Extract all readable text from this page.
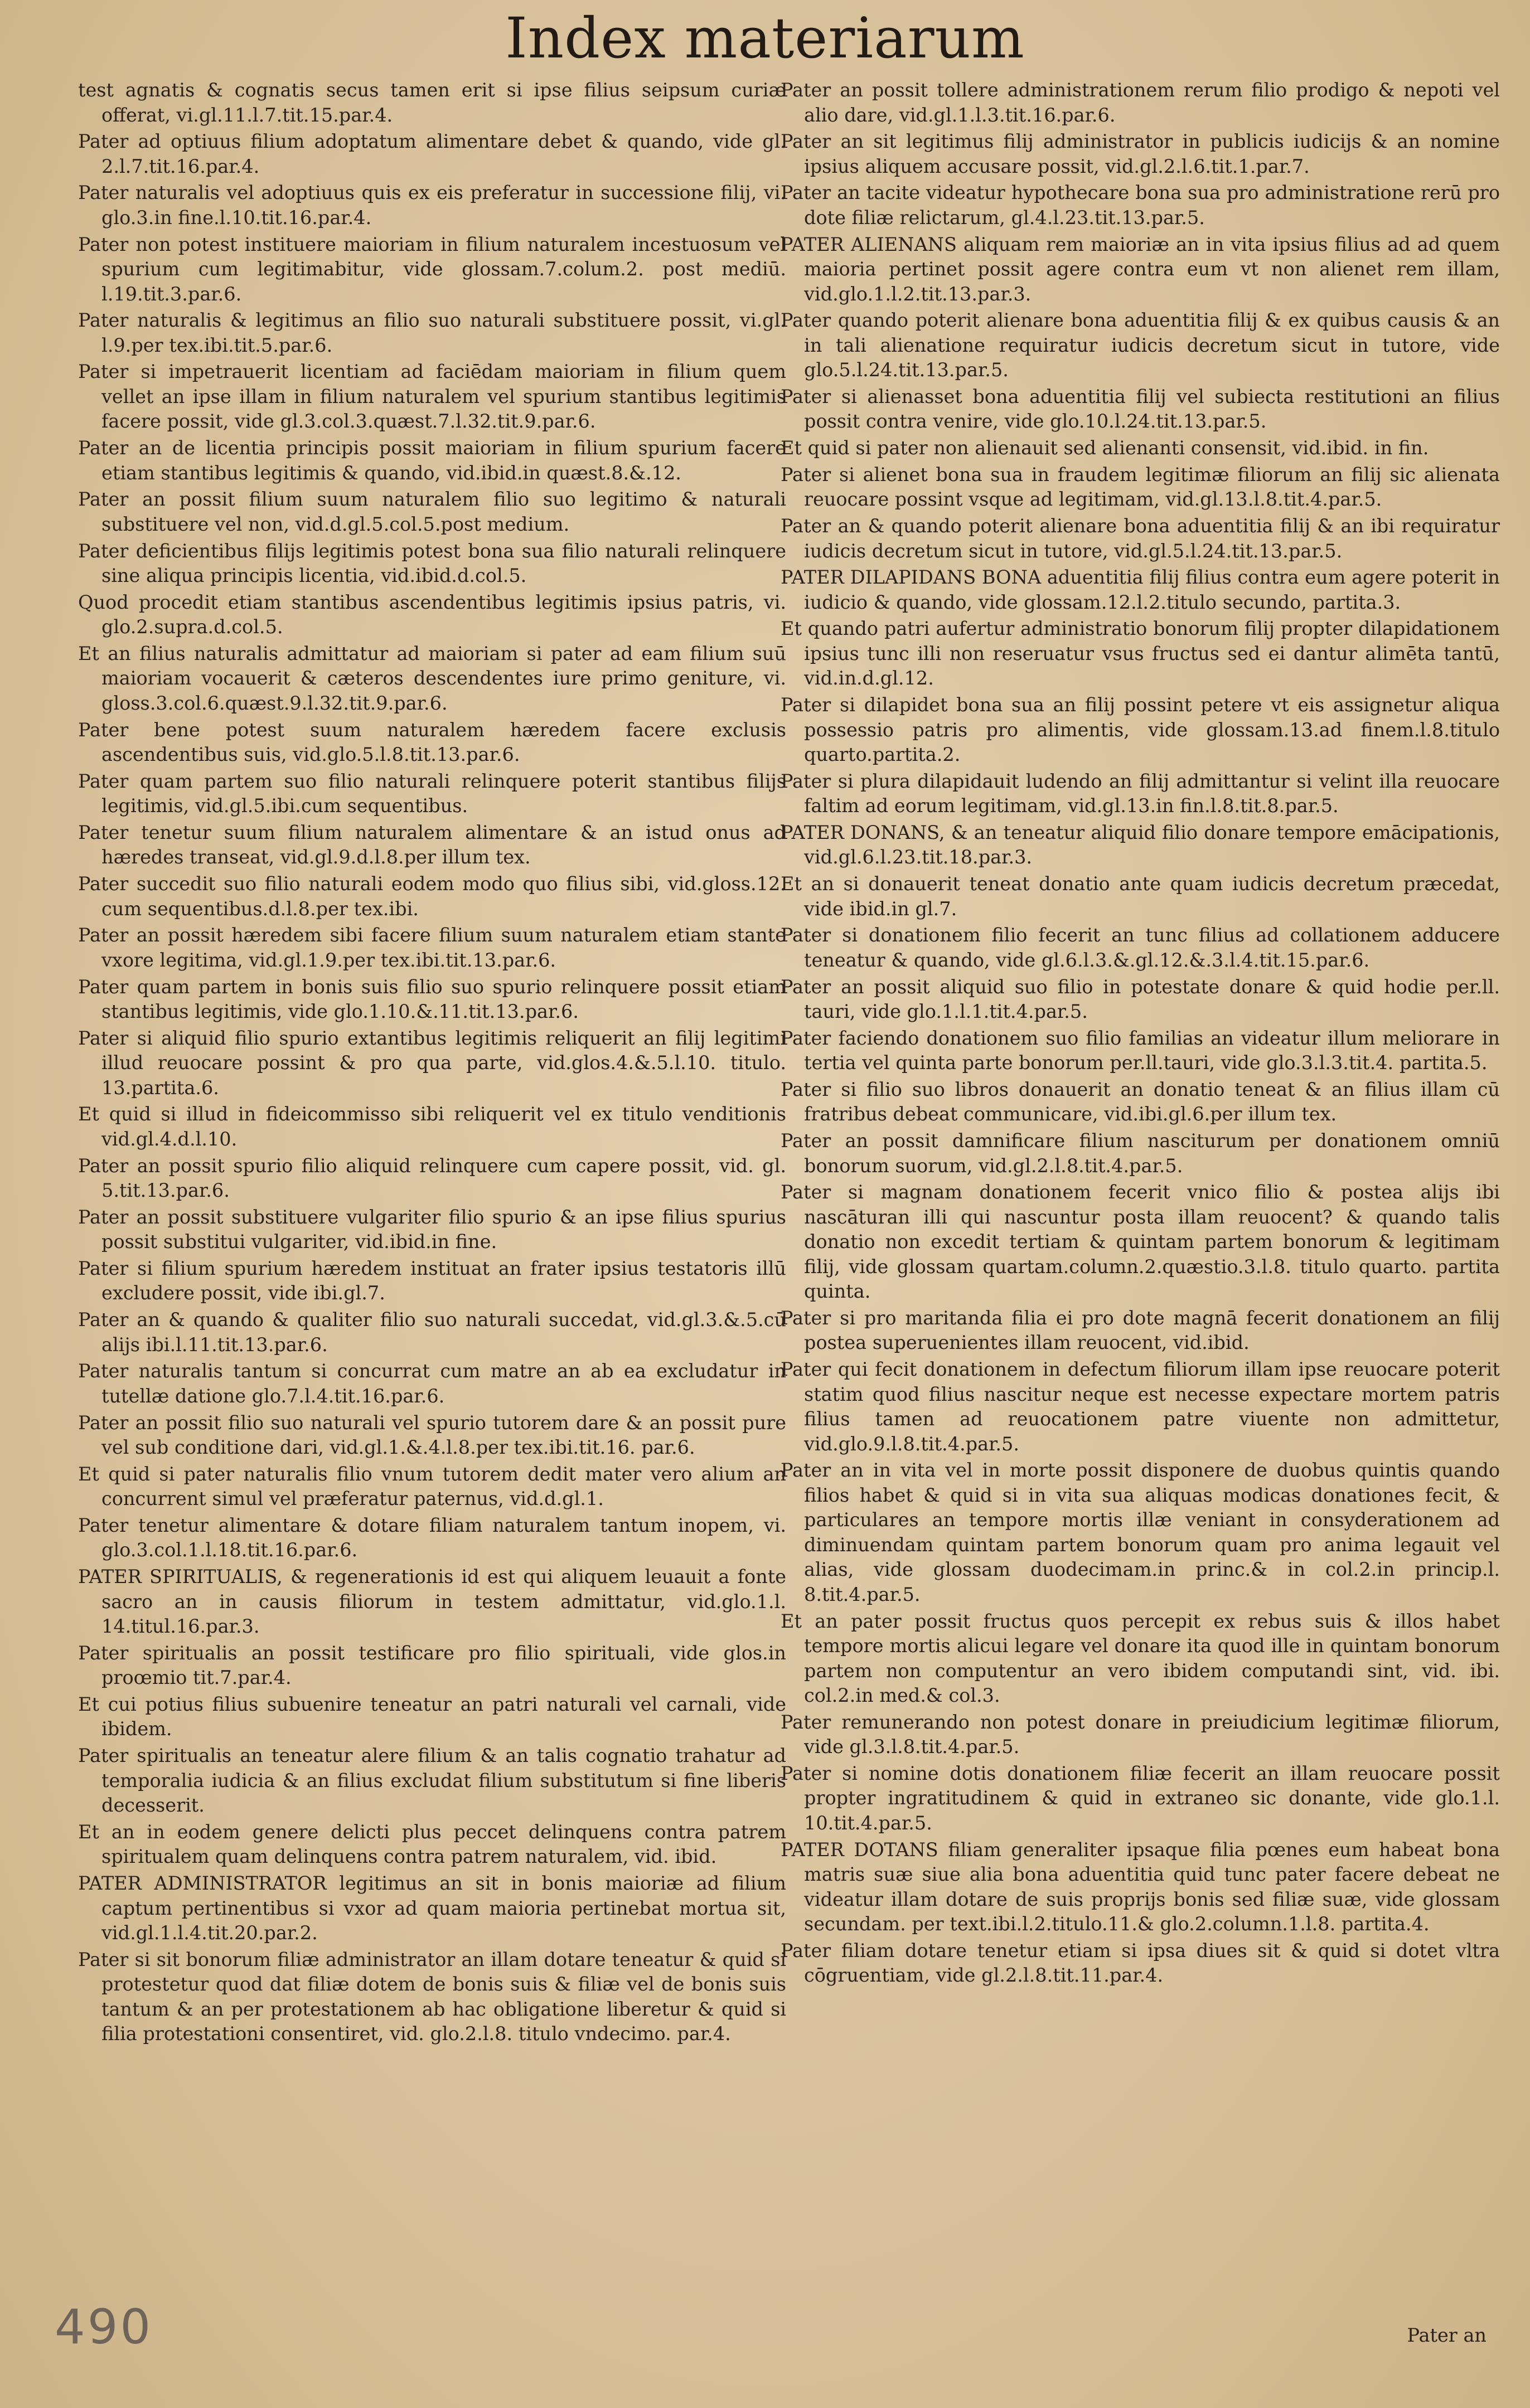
Index materiarum
test agnatis & cognatis secus tamen erit si ipse filius seipsum curiæ offerat, vi.gl.11.l.7.tit.15.par.4.
Pater ad optiuus filium adoptatum alimentare debet & quando, vide gl. 2.l.7.tit.16.par.4.
Pater naturalis vel adoptiuus quis ex eis preferatur in successione filij, vi. glo.3.in fine.l.10.tit.16.par.4.
Pater non potest instituere maioriam in filium naturalem incestuosum vel spurium cum legitimabitur, vide glossam.7.colum.2. post mediū. l.19.tit.3.par.6.
Pater naturalis & legitimus an filio suo naturali substituere possit, vi.gl. l.9.per tex.ibi.tit.5.par.6.
Pater si impetrauerit licentiam ad faciēdam maioriam in filium quem vellet an ipse illam in filium naturalem vel spurium stantibus legitimis facere possit, vide gl.3.col.3.quæst.7.l.32.tit.9.par.6.
Pater an de licentia principis possit maioriam in filium spurium facere etiam stantibus legitimis & quando, vid.ibid.in quæst.8.&.12.
Pater an possit filium suum naturalem filio suo legitimo & naturali substituere vel non, vid.d.gl.5.col.5.post medium.
Pater deficientibus filijs legitimis potest bona sua filio naturali relinquere sine aliqua principis licentia, vid.ibid.d.col.5.
Quod procedit etiam stantibus ascendentibus legitimis ipsius patris, vi. glo.2.supra.d.col.5.
Et an filius naturalis admittatur ad maioriam si pater ad eam filium suū maioriam vocauerit & cæteros descendentes iure primo geniture, vi. gloss.3.col.6.quæst.9.l.32.tit.9.par.6.
Pater bene potest suum naturalem hæredem facere exclusis ascendentibus suis, vid.glo.5.l.8.tit.13.par.6.
Pater quam partem suo filio naturali relinquere poterit stantibus filijs legitimis, vid.gl.5.ibi.cum sequentibus.
Pater tenetur suum filium naturalem alimentare & an istud onus ad hæredes transeat, vid.gl.9.d.l.8.per illum tex.
Pater succedit suo filio naturali eodem modo quo filius sibi, vid.gloss.12. cum sequentibus.d.l.8.per tex.ibi.
Pater an possit hæredem sibi facere filium suum naturalem etiam stante vxore legitima, vid.gl.1.9.per tex.ibi.tit.13.par.6.
Pater quam partem in bonis suis filio suo spurio relinquere possit etiam stantibus legitimis, vide glo.1.10.&.11.tit.13.par.6.
Pater si aliquid filio spurio extantibus legitimis reliquerit an filij legitimi illud reuocare possint & pro qua parte, vid.glos.4.&.5.l.10. titulo. 13.partita.6.
Et quid si illud in fideicommisso sibi reliquerit vel ex titulo venditionis vid.gl.4.d.l.10.
Pater an possit spurio filio aliquid relinquere cum capere possit, vid. gl. 5.tit.13.par.6.
Pater an possit substituere vulgariter filio spurio & an ipse filius spurius possit substitui vulgariter, vid.ibid.in fine.
Pater si filium spurium hæredem instituat an frater ipsius testatoris illū excludere possit, vide ibi.gl.7.
Pater an & quando & qualiter filio suo naturali succedat, vid.gl.3.&.5.cū alijs ibi.l.11.tit.13.par.6.
Pater naturalis tantum si concurrat cum matre an ab ea excludatur in tutellæ datione glo.7.l.4.tit.16.par.6.
Pater an possit filio suo naturali vel spurio tutorem dare & an possit pure vel sub conditione dari, vid.gl.1.&.4.l.8.per tex.ibi.tit.16. par.6.
Et quid si pater naturalis filio vnum tutorem dedit mater vero alium an concurrent simul vel præferatur paternus, vid.d.gl.1.
Pater tenetur alimentare & dotare filiam naturalem tantum inopem, vi. glo.3.col.1.l.18.tit.16.par.6.
PATER SPIRITUALIS, & regenerationis id est qui aliquem leuauit a fonte sacro an in causis filiorum in testem admittatur, vid.glo.1.l. 14.titul.16.par.3.
Pater spiritualis an possit testificare pro filio spirituali, vide glos.in proœmio tit.7.par.4.
Et cui potius filius subuenire teneatur an patri naturali vel carnali, vide ibidem.
Pater spiritualis an teneatur alere filium & an talis cognatio trahatur ad temporalia iudicia & an filius excludat filium substitutum si fine liberis decesserit.
Et an in eodem genere delicti plus peccet delinquens contra patrem spiritualem quam delinquens contra patrem naturalem, vid. ibid.
PATER ADMINISTRATOR legitimus an sit in bonis maioriæ ad filium captum pertinentibus si vxor ad quam maioria pertinebat mortua sit, vid.gl.1.l.4.tit.20.par.2.
Pater si sit bonorum filiæ administrator an illam dotare teneatur & quid si protestetur quod dat filiæ dotem de bonis suis & filiæ vel de bonis suis tantum & an per protestationem ab hac obligatione liberetur & quid si filia protestationi consentiret, vid. glo.2.l.8. titulo vndecimo. par.4.
Pater an possit tollere administrationem rerum filio prodigo & nepoti vel alio dare, vid.gl.1.l.3.tit.16.par.6.
Pater an sit legitimus filij administrator in publicis iudicijs & an nomine ipsius aliquem accusare possit, vid.gl.2.l.6.tit.1.par.7.
Pater an tacite videatur hypothecare bona sua pro administratione rerū pro dote filiæ relictarum, gl.4.l.23.tit.13.par.5.
PATER ALIENANS aliquam rem maioriæ an in vita ipsius filius ad ad quem maioria pertinet possit agere contra eum vt non alienet rem illam, vid.glo.1.l.2.tit.13.par.3.
Pater quando poterit alienare bona aduentitia filij & ex quibus causis & an in tali alienatione requiratur iudicis decretum sicut in tutore, vide glo.5.l.24.tit.13.par.5.
Pater si alienasset bona aduentitia filij vel subiecta restitutioni an filius possit contra venire, vide glo.10.l.24.tit.13.par.5.
Et quid si pater non alienauit sed alienanti consensit, vid.ibid. in fin.
Pater si alienet bona sua in fraudem legitimæ filiorum an filij sic alienata reuocare possint vsque ad legitimam, vid.gl.13.l.8.tit.4.par.5.
Pater an & quando poterit alienare bona aduentitia filij & an ibi requiratur iudicis decretum sicut in tutore, vid.gl.5.l.24.tit.13.par.5.
PATER DILAPIDANS BONA aduentitia filij filius contra eum agere poterit in iudicio & quando, vide glossam.12.l.2.titulo secundo, partita.3.
Et quando patri aufertur administratio bonorum filij propter dilapidationem ipsius tunc illi non reseruatur vsus fructus sed ei dantur alimēta tantū, vid.in.d.gl.12.
Pater si dilapidet bona sua an filij possint petere vt eis assignetur aliqua possessio patris pro alimentis, vide glossam.13.ad finem.l.8.titulo quarto.partita.2.
Pater si plura dilapidauit ludendo an filij admittantur si velint illa reuocare faltim ad eorum legitimam, vid.gl.13.in fin.l.8.tit.8.par.5.
PATER DONANS, & an teneatur aliquid filio donare tempore emācipationis, vid.gl.6.l.23.tit.18.par.3.
Et an si donauerit teneat donatio ante quam iudicis decretum præcedat, vide ibid.in gl.7.
Pater si donationem filio fecerit an tunc filius ad collationem adducere teneatur & quando, vide gl.6.l.3.&.gl.12.&.3.l.4.tit.15.par.6.
Pater an possit aliquid suo filio in potestate donare & quid hodie per.ll. tauri, vide glo.1.l.1.tit.4.par.5.
Pater faciendo donationem suo filio familias an videatur illum meliorare in tertia vel quinta parte bonorum per.ll.tauri, vide glo.3.l.3.tit.4. partita.5.
Pater si filio suo libros donauerit an donatio teneat & an filius illam cū fratribus debeat communicare, vid.ibi.gl.6.per illum tex.
Pater an possit damnificare filium nasciturum per donationem omniū bonorum suorum, vid.gl.2.l.8.tit.4.par.5.
Pater si magnam donationem fecerit vnico filio & postea alijs ibi nascāturan illi qui nascuntur posta illam reuocent? & quando talis donatio non excedit tertiam & quintam partem bonorum & legitimam filij, vide glossam quartam.column.2.quæstio.3.l.8. titulo quarto. partita quinta.
Pater si pro maritanda filia ei pro dote magnā fecerit donationem an filij postea superuenientes illam reuocent, vid.ibid.
Pater qui fecit donationem in defectum filiorum illam ipse reuocare poterit statim quod filius nascitur neque est necesse expectare mortem patris filius tamen ad reuocationem patre viuente non admittetur, vid.glo.9.l.8.tit.4.par.5.
Pater an in vita vel in morte possit disponere de duobus quintis quando filios habet & quid si in vita sua aliquas modicas donationes fecit, & particulares an tempore mortis illæ veniant in consyderationem ad diminuendam quintam partem bonorum quam pro anima legauit vel alias, vide glossam duodecimam.in princ.& in col.2.in princip.l. 8.tit.4.par.5.
Et an pater possit fructus quos percepit ex rebus suis & illos habet tempore mortis alicui legare vel donare ita quod ille in quintam bonorum partem non computentur an vero ibidem computandi sint, vid. ibi. col.2.in med.& col.3.
Pater remunerando non potest donare in preiudicium legitimæ filiorum, vide gl.3.l.8.tit.4.par.5.
Pater si nomine dotis donationem filiæ fecerit an illam reuocare possit propter ingratitudinem & quid in extraneo sic donante, vide glo.1.l. 10.tit.4.par.5.
PATER DOTANS filiam generaliter ipsaque filia pœnes eum habeat bona matris suæ siue alia bona aduentitia quid tunc pater facere debeat ne videatur illam dotare de suis proprijs bonis sed filiæ suæ, vide glossam secundam. per text.ibi.l.2.titulo.11.& glo.2.column.1.l.8. partita.4.
Pater filiam dotare tenetur etiam si ipsa diues sit & quid si dotet vltra cōgruentiam, vide gl.2.l.8.tit.11.par.4.
Pater an
490
